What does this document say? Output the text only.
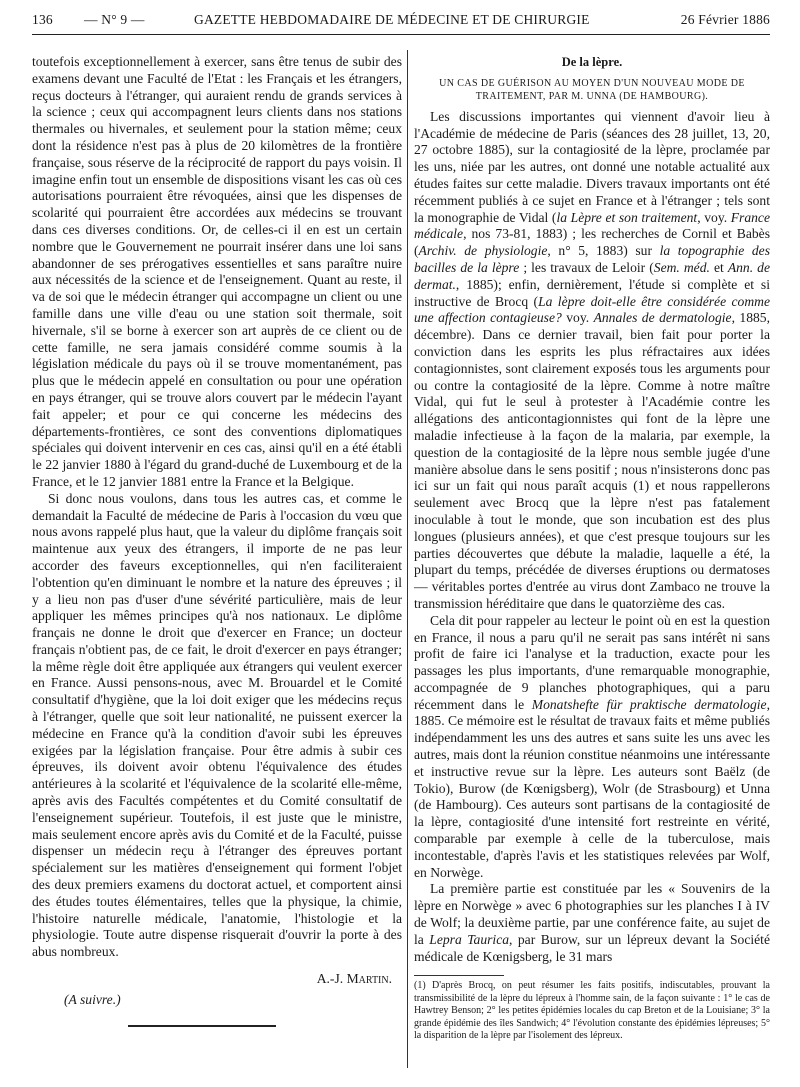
136 — N° 9 —	GAZETTE HEBDOMADAIRE DE MÉDECINE ET DE CHIRURGIE	26 Février 1886

toutefois exceptionnellement à exercer, sans être tenus de subir des examens devant une Faculté de l'Etat : les Français et les étrangers, reçus docteurs à l'étranger, qui auraient rendu de grands services à la science ; ceux qui accompagnent leurs clients dans nos stations thermales ou hivernales, et seulement pour la station même; ceux dont la résidence n'est pas à plus de 20 kilomètres de la frontière française, sous réserve de la réciprocité de rapport du pays voisin. Il imagine enfin tout un ensemble de dispositions visant les cas où ces autorisations pourraient être révoquées, ainsi que les dispenses de scolarité qui pourraient être accordées aux médecins se trouvant dans ces diverses conditions. Or, de celles-ci il en est un certain nombre que le Gouvernement ne pourrait insérer dans une loi sans abandonner de ses prérogatives essentielles et sans paraître nuire aux nécessités de la science et de l'enseignement. Quant au reste, il va de soi que le médecin étranger qui accompagne un client ou une famille dans une ville d'eau ou une station soit thermale, soit hivernale, s'il se borne à exercer son art auprès de ce client ou de cette famille, ne sera jamais considéré comme soumis à la législation médicale du pays où il se trouve momentanément, pas plus que le médecin appelé en consultation ou pour une opération en pays étranger, qui se trouve alors couvert par le médecin l'ayant fait appeler; et pour ce qui concerne les médecins des départements-frontières, ce sont des conventions diplomatiques spéciales qui doivent intervenir en ces cas, ainsi qu'il en a été établi le 22 janvier 1880 à l'égard du grand-duché de Luxembourg et de la France, et le 12 janvier 1881 entre la France et la Belgique.

Si donc nous voulons, dans tous les autres cas, et comme le demandait la Faculté de médecine de Paris à l'occasion du vœu que nous avons rappelé plus haut, que la valeur du diplôme français soit maintenue aux yeux des étrangers, il importe de ne pas leur accorder des faveurs exceptionnelles, qui n'en faciliteraient l'obtention qu'en diminuant le nombre et la nature des épreuves ; il y a lieu non pas d'user d'une sévérité particulière, mais de leur appliquer les mêmes principes qu'à nos nationaux. Le diplôme français ne donne le droit que d'exercer en France; un docteur français n'obtient pas, de ce fait, le droit d'exercer en pays étranger; la même règle doit être appliquée aux étrangers qui veulent exercer en France. Aussi pensons-nous, avec M. Brouardel et le Comité consultatif d'hygiène, que la loi doit exiger que les médecins reçus à l'étranger, quelle que soit leur nationalité, ne puissent exercer la médecine en France qu'à la condition d'avoir subi les épreuves exigées par la législation française. Pour être admis à subir ces épreuves, ils doivent avoir obtenu l'équivalence des études antérieures à la scolarité et l'équivalence de la scolarité elle-même, après avis des Facultés compétentes et du Comité consultatif de l'enseignement supérieur. Toutefois, il est juste que le ministre, mais seulement encore après avis du Comité et de la Faculté, puisse dispenser un médecin reçu à l'étranger des épreuves portant spécialement sur les matières d'enseignement qui forment l'objet des deux premiers examens du doctorat actuel, et comportent ainsi des études toutes élémentaires, telles que la physique, la chimie, l'histoire naturelle médicale, l'anatomie, l'histologie et la physiologie. Toute autre dispense risquerait d'ouvrir la porte à des abus nombreux.

A.-J. Martin.
(A suivre.)
De la lèpre.
UN CAS DE GUÉRISON AU MOYEN D'UN NOUVEAU MODE DE TRAITEMENT, PAR M. UNNA (DE HAMBOURG).

Les discussions importantes qui viennent d'avoir lieu à l'Académie de médecine de Paris (séances des 28 juillet, 13, 20, 27 octobre 1885), sur la contagiosité de la lèpre, proclamée par les uns, niée par les autres, ont donné une notable actualité aux études faites sur cette maladie. Divers travaux importants ont été récemment publiés à ce sujet en France et à l'étranger ; tels sont la monographie de Vidal (la Lèpre et son traitement, voy. France médicale, nos 73-81, 1883) ; les recherches de Cornil et Babès (Archiv. de physiologie, n° 5, 1883) sur la topographie des bacilles de la lèpre ; les travaux de Leloir (Sem. méd. et Ann. de dermat., 1885); enfin, dernièrement, l'étude si complète et si instructive de Brocq (La lèpre doit-elle être considérée comme une affection contagieuse? voy. Annales de dermatologie, 1885, décembre). Dans ce dernier travail, bien fait pour porter la conviction dans les esprits les plus réfractaires aux idées contagionnistes, sont clairement exposés tous les arguments pour ou contre la contagiosité de la lèpre. Comme à notre maître Vidal, qui fut le seul à protester à l'Académie contre les allégations des anticontagionnistes qui font de la lèpre une maladie infectieuse à la façon de la malaria, par exemple, la question de la contagiosité de la lèpre nous semble jugée d'une manière absolue dans le sens positif ; nous n'insisterons donc pas ici sur un fait qui nous paraît acquis (1) et nous rappellerons seulement avec Brocq que la lèpre n'est pas fatalement inoculable à tout le monde, que son incubation est des plus longues (plusieurs années), et que c'est presque toujours sur les parties découvertes que débute la maladie, laquelle a été, la plupart du temps, précédée de diverses éruptions ou dermatoses — véritables portes d'entrée au virus dont Zambaco ne trouve la transmission héréditaire que dans le quatorzième des cas.

Cela dit pour rappeler au lecteur le point où en est la question en France, il nous a paru qu'il ne serait pas sans intérêt ni sans profit de faire ici l'analyse et la traduction, exacte pour les passages les plus importants, d'une remarquable monographie, accompagnée de 9 planches photographiques, qui a paru récemment dans le Monatshefte für praktische dermatologie, 1885. Ce mémoire est le résultat de travaux faits et même publiés indépendamment les uns des autres et sans suite les uns avec les autres, mais dont la réunion constitue néanmoins une intéressante et instructive revue sur la lèpre. Les auteurs sont Baëlz (de Tokio), Burow (de Kœnigsberg), Wolr (de Strasbourg) et Unna (de Hambourg). Ces auteurs sont partisans de la contagiosité de la lèpre, contagiosité d'une intensité fort restreinte en vérité, comparable par exemple à celle de la tuberculose, mais incontestable, d'après l'avis et les statistiques relevées par Wolf, en Norwège.

La première partie est constituée par les « Souvenirs de la lèpre en Norwège » avec 6 photographies sur les planches I à IV de Wolf; la deuxième partie, par une conférence faite, au sujet de la Lepra Taurica, par Burow, sur un lépreux devant la Société médicale de Kœnigsberg, le 31 mars

(1) D'après Brocq, on peut résumer les faits positifs, indiscutables, prouvant la transmissibilité de la lèpre du lépreux à l'homme sain, de la façon suivante : 1° le cas de Hawtrey Benson; 2° les petites épidémies locales du cap Breton et de la Louisiane; 3° la grande épidémie des îles Sandwich; 4° l'évolution constante des épidémies lépreuses; 5° la disparition de la lèpre par l'isolement des lépreux.
